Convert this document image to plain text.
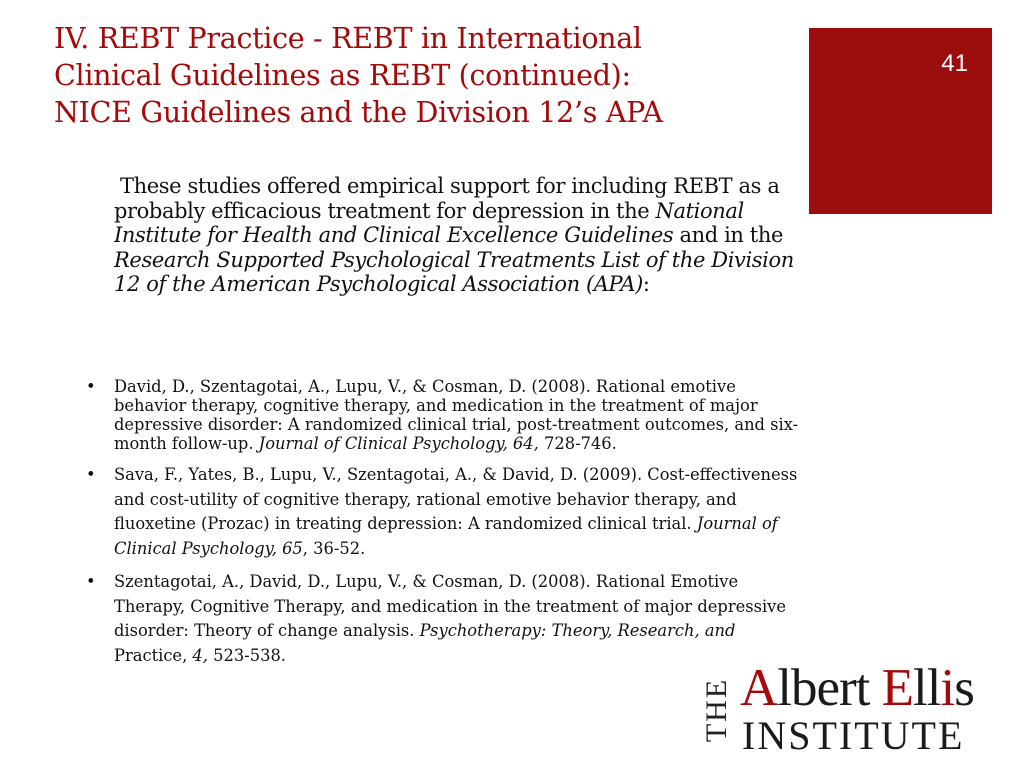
IV. REBT Practice - REBT in International
Clinical Guidelines as REBT (continued):
NICE Guidelines and the Division 12’s APA
41

These studies offered empirical support for including REBT as a probably efficacious treatment for depression in the National Institute for Health and Clinical Excellence Guidelines and in the Research Supported Psychological Treatments List of the Division 12 of the American Psychological Association (APA):

• David, D., Szentagotai, A., Lupu, V., & Cosman, D. (2008). Rational emotive behavior therapy, cognitive therapy, and medication in the treatment of major depressive disorder: A randomized clinical trial, post-treatment outcomes, and six-month follow-up. Journal of Clinical Psychology, 64, 728-746.
• Sava, F., Yates, B., Lupu, V., Szentagotai, A., & David, D. (2009). Cost-effectiveness and cost-utility of cognitive therapy, rational emotive behavior therapy, and fluoxetine (Prozac) in treating depression: A randomized clinical trial. Journal of Clinical Psychology, 65, 36-52.
• Szentagotai, A., David, D., Lupu, V., & Cosman, D. (2008). Rational Emotive Therapy, Cognitive Therapy, and medication in the treatment of major depressive disorder: Theory of change analysis. Psychotherapy: Theory, Research, and Practice, 4, 523-538.
THE Albert Ellis
INSTITUTE
